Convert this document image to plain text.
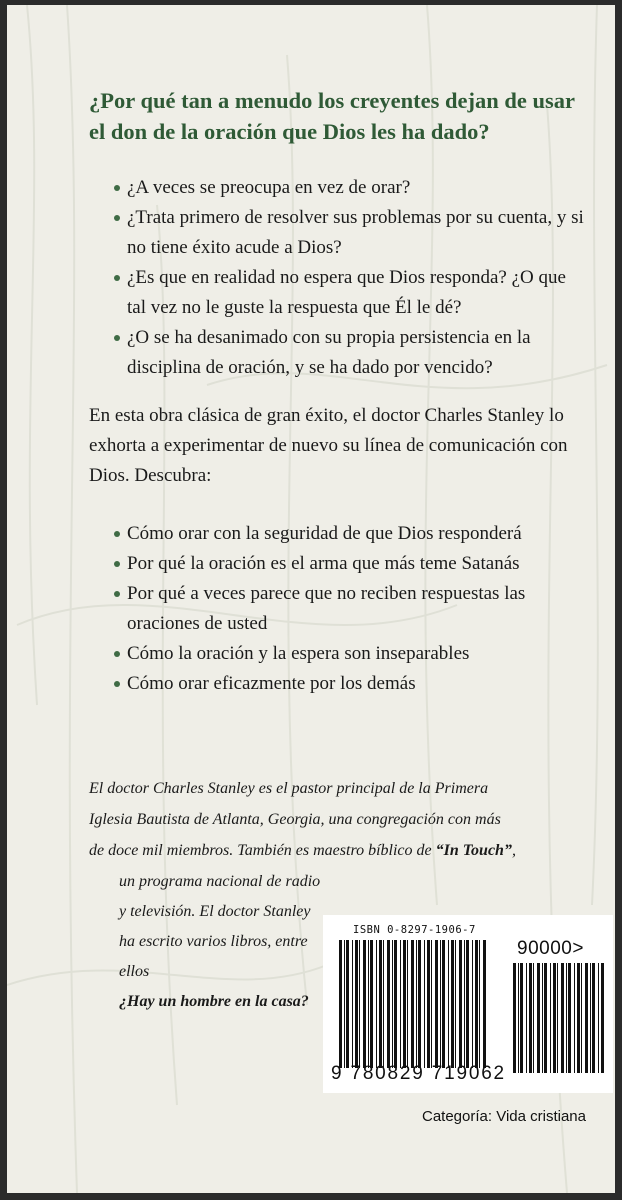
¿Por qué tan a menudo los creyentes dejan de usar el don de la oración que Dios les ha dado?
¿A veces se preocupa en vez de orar?
¿Trata primero de resolver sus problemas por su cuenta, y si no tiene éxito acude a Dios?
¿Es que en realidad no espera que Dios responda? ¿O que tal vez no le guste la respuesta que Él le dé?
¿O se ha desanimado con su propia persistencia en la disciplina de oración, y se ha dado por vencido?

En esta obra clásica de gran éxito, el doctor Charles Stanley lo exhorta a experimentar de nuevo su línea de comunicación con Dios. Descubra:

Cómo orar con la seguridad de que Dios responderá
Por qué la oración es el arma que más teme Satanás
Por qué a veces parece que no reciben respuestas las oraciones de usted
Cómo la oración y la espera son inseparables
Cómo orar eficazmente por los demás
El doctor Charles Stanley es el pastor principal de la Primera
Iglesia Bautista de Atlanta, Georgia, una congregación con más
de doce mil miembros. También es maestro bíblico de “In Touch”,
un programa nacional de radio
y televisión. El doctor Stanley
ha escrito varios libros, entre ellos
¿Hay un hombre en la casa?
ISBN 0-8297-1906-7
90000>
9 780829 719062
Categoría: Vida cristiana
